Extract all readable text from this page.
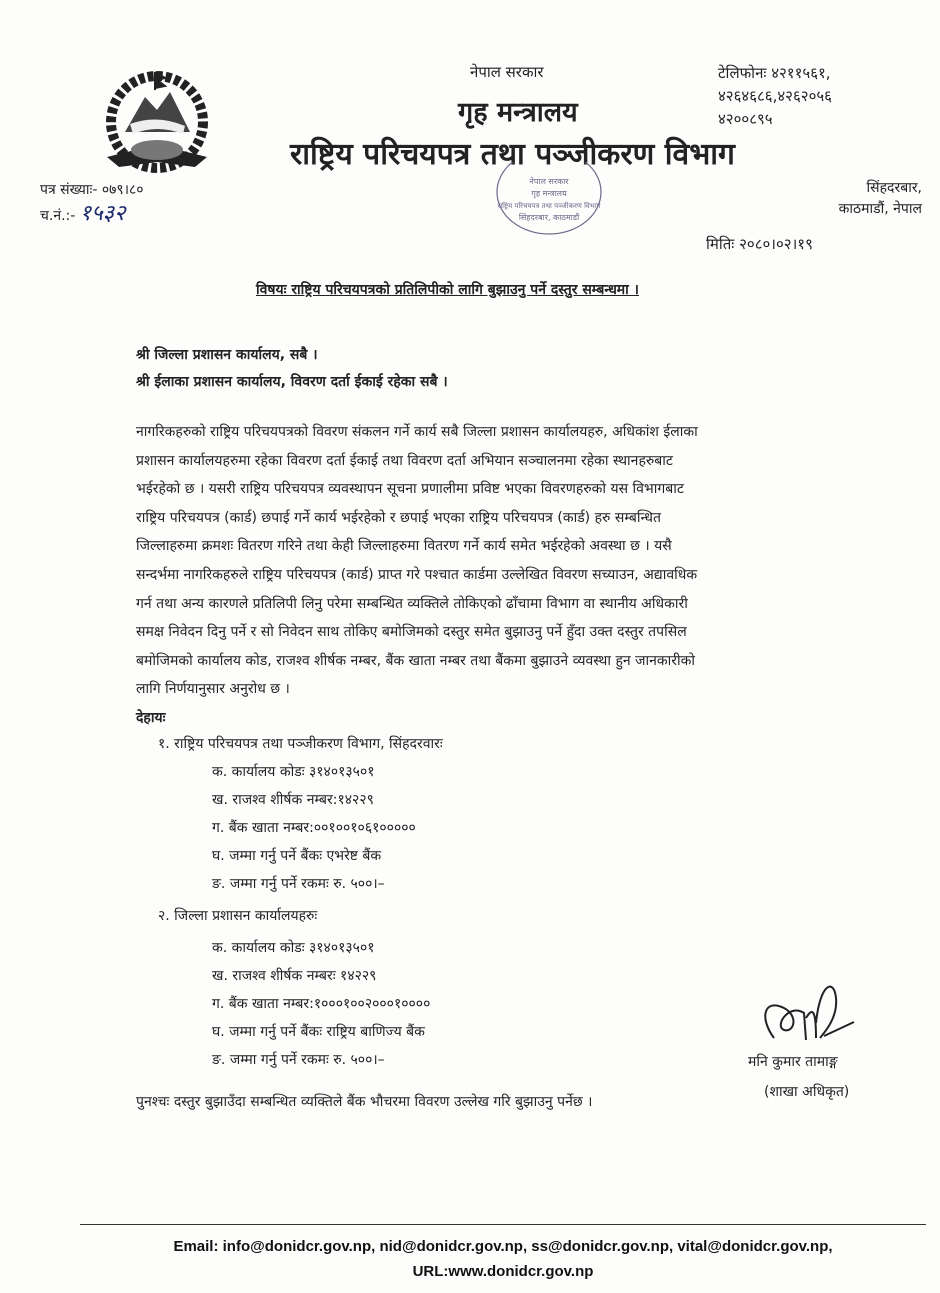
नेपाल सरकार
गृह मन्त्रालय
राष्ट्रिय परिचयपत्र तथा पञ्जीकरण विभाग
टेलिफोनः ४२११५६१,
४२६४६८६,४२६२०५६
४२००८९५
पत्र संख्याः- ०७९।८०
च.नं.:- १५३२
नेपाल सरकार
गृह मन्त्रालय
राष्ट्रिय परिचयपत्र तथा पञ्जीकरण विभाग
सिंहदरबार, काठमाडौं
सिंहदरबार,
काठमाडौं, नेपाल
मितिः २०८०।०२।१९
विषयः राष्ट्रिय परिचयपत्रको प्रतिलिपीको लागि बुझाउनु पर्ने दस्तुर सम्बन्धमा ।
श्री जिल्ला प्रशासन कार्यालय, सबै ।
श्री ईलाका प्रशासन कार्यालय, विवरण दर्ता ईकाई रहेका सबै ।
नागरिकहरुको राष्ट्रिय परिचयपत्रको विवरण संकलन गर्ने कार्य सबै जिल्ला प्रशासन कार्यालयहरु, अधिकांश ईलाका
प्रशासन कार्यालयहरुमा रहेका विवरण दर्ता ईकाई तथा विवरण दर्ता अभियान सञ्चालनमा रहेका स्थानहरुबाट
भईरहेको छ । यसरी राष्ट्रिय परिचयपत्र व्यवस्थापन सूचना प्रणालीमा प्रविष्ट भएका विवरणहरुको यस विभागबाट
राष्ट्रिय परिचयपत्र (कार्ड) छपाई गर्ने कार्य भईरहेको र छपाई भएका राष्ट्रिय परिचयपत्र (कार्ड) हरु सम्बन्धित
जिल्लाहरुमा क्रमशः वितरण गरिने तथा केही जिल्लाहरुमा वितरण गर्ने कार्य समेत भईरहेको अवस्था छ । यसै
सन्दर्भमा नागरिकहरुले राष्ट्रिय परिचयपत्र (कार्ड) प्राप्त गरे पश्चात कार्डमा उल्लेखित विवरण सच्याउन, अद्यावधिक
गर्न तथा अन्य कारणले प्रतिलिपी लिनु परेमा सम्बन्धित व्यक्तिले तोकिएको ढाँचामा विभाग वा स्थानीय अधिकारी
समक्ष निवेदन दिनु पर्ने र सो निवेदन साथ तोकिए बमोजिमको दस्तुर समेत बुझाउनु पर्ने हुँदा उक्त दस्तुर तपसिल
बमोजिमको कार्यालय कोड, राजश्व शीर्षक नम्बर, बैंक खाता नम्बर तथा बैंकमा बुझाउने व्यवस्था हुन जानकारीको
लागि निर्णयानुसार अनुरोध छ ।
देहायः
१. राष्ट्रिय परिचयपत्र तथा पञ्जीकरण विभाग, सिंहदरवारः
क. कार्यालय कोडः ३१४०१३५०१
ख. राजश्व शीर्षक नम्बर:१४२२९
ग. बैंक खाता नम्बर:००१००१०६१०००००
घ. जम्मा गर्नु पर्ने बैंकः एभरेष्ट बैंक
ङ. जम्मा गर्नु पर्ने रकमः रु. ५००।–
२. जिल्ला प्रशासन कार्यालयहरुः
क. कार्यालय कोडः ३१४०१३५०१
ख. राजश्व शीर्षक नम्बरः १४२२९
ग. बैंक खाता नम्बर:१०००१००२०००१००००
घ. जम्मा गर्नु पर्ने बैंकः राष्ट्रिय बाणिज्य बैंक
ङ. जम्मा गर्नु पर्ने रकमः रु. ५००।–	मनि कुमार तामाङ्ग
(शाखा अधिकृत)
पुनश्चः दस्तुर बुझाउँदा सम्बन्धित व्यक्तिले बैंक भौचरमा विवरण उल्लेख गरि बुझाउनु पर्नेछ ।
Email: info@donidcr.gov.np, nid@donidcr.gov.np, ss@donidcr.gov.np, vital@donidcr.gov.np,
URL:www.donidcr.gov.np
